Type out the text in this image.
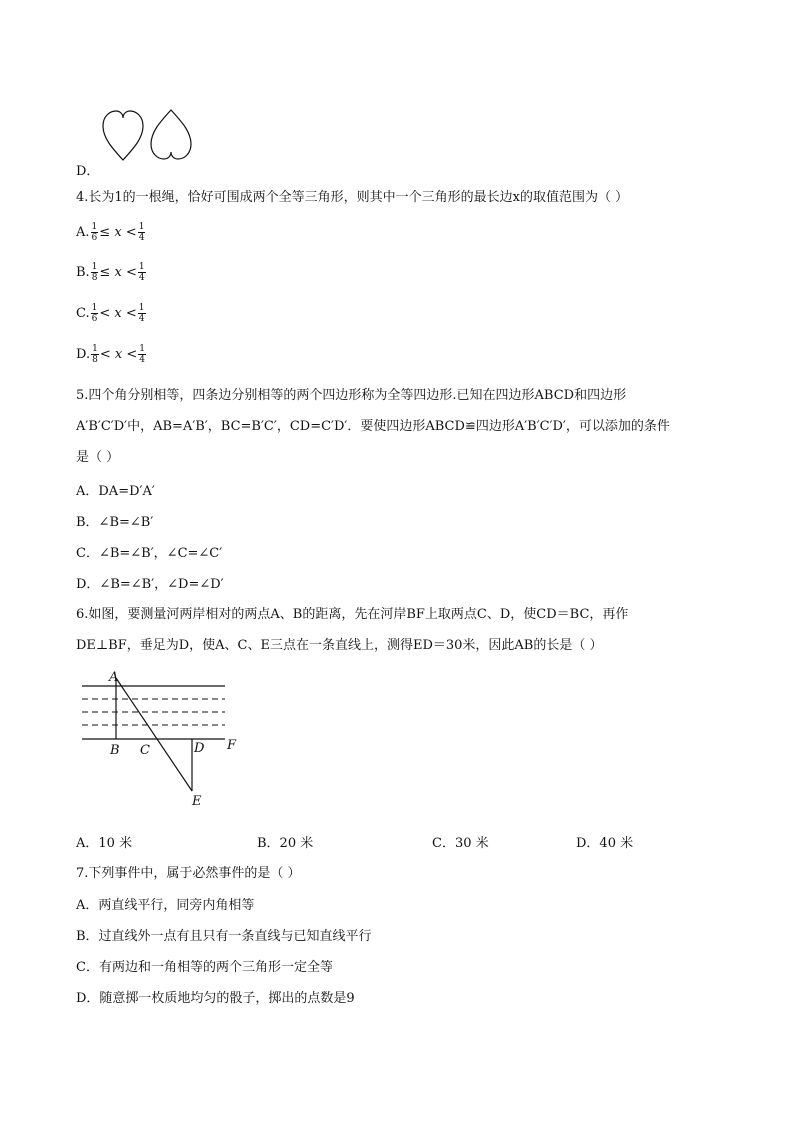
D．
4.长为1的一根绳，恰好可围成两个全等三角形，则其中一个三角形的最长边x的取值范围为（ ）
A. $\frac{1}{6} \le x < \frac{1}{4}$
B. $\frac{1}{8} \le x < \frac{1}{4}$
C. $\frac{1}{6} < x < \frac{1}{4}$
D. $\frac{1}{8} < x < \frac{1}{4}$
5.四个角分别相等，四条边分别相等的两个四边形称为全等四边形.已知在四边形ABCD和四边形
A′B′C′D′中，AB=A′B′，BC=B′C′，CD=C′D′．要使四边形ABCD≌四边形A′B′C′D′，可以添加的条件
是（ ）
A．DA=D′A′
B．∠B=∠B′
C．∠B=∠B′，∠C=∠C′
D．∠B=∠B′，∠D=∠D′
6.如图，要测量河两岸相对的两点A、B的距离，先在河岸BF上取两点C、D，使CD＝BC，再作
DE⊥BF，垂足为D，使A、C、E三点在一条直线上，测得ED＝30米，因此AB的长是（ ）
A
B C	D F
E
A．10 米	B．20 米	C．30 米	D．40 米
7.下列事件中，属于必然事件的是（ ）
A．两直线平行，同旁内角相等
B．过直线外一点有且只有一条直线与已知直线平行
C．有两边和一角相等的两个三角形一定全等
D．随意掷一枚质地均匀的骰子，掷出的点数是9
